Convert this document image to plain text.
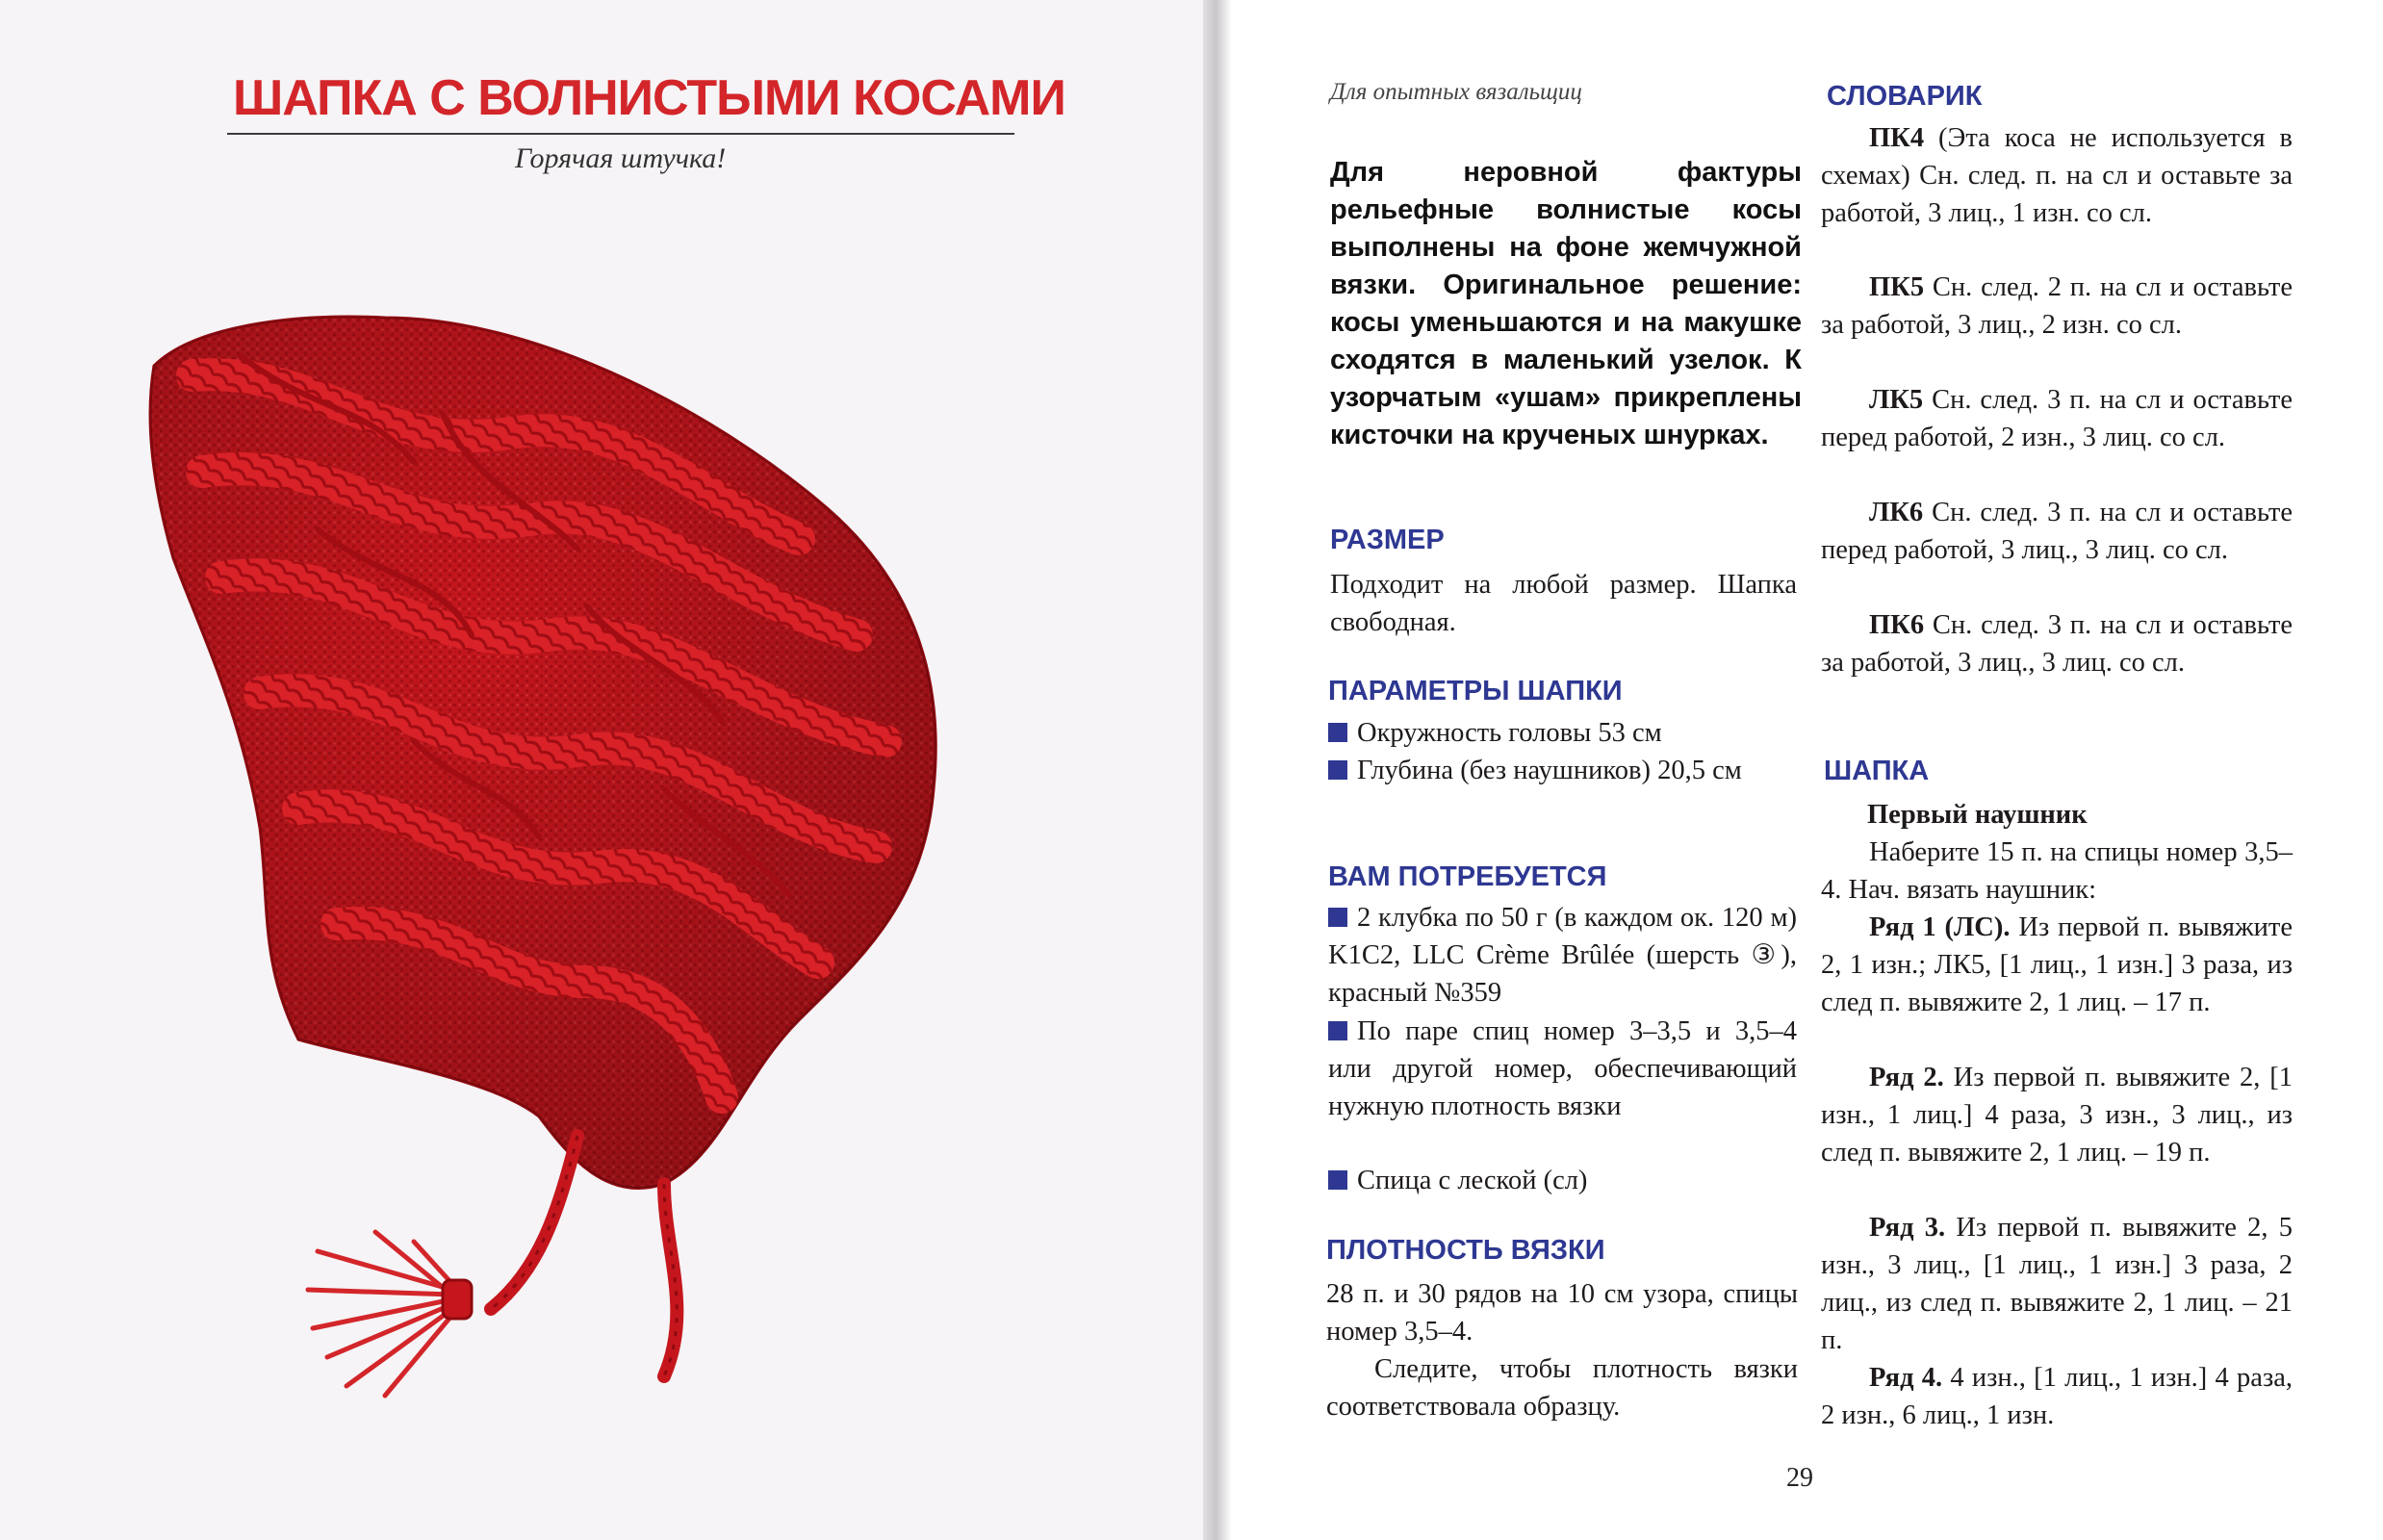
ШАПКА С ВОЛНИСТЫМИ КОСАМИ
Горячая штучка!
Для опытных вязальщиц
Для неровной фактуры рельефные волнистые косы выполнены на фоне жемчужной вязки. Оригинальное решение: косы уменьшаются и на макушке сходятся в маленький узелок. К узорчатым «ушам» прикреплены кисточки на крученых шнурках.
РАЗМЕР
Подходит на любой размер. Шапка свободная.
ПАРАМЕТРЫ ШАПКИ
Окружность головы 53 см
Глубина (без наушников) 20,5 см
ВАМ ПОТРЕБУЕТСЯ
2 клубка по 50 г (в каждом ок. 120 м) K1C2, LLC Crème Brûlée (шерсть ③), красный №359
По паре спиц номер 3–3,5 и 3,5–4 или другой номер, обеспечивающий нужную плотность вязки
Спица с леской (сл)
ПЛОТНОСТЬ ВЯЗКИ
28 п. и 30 рядов на 10 см узора, спицы номер 3,5–4.
Следите, чтобы плотность вязки соответствовала образцу.
СЛОВАРИК
ПК4 (Эта коса не используется в схемах) Сн. след. п. на сл и оставьте за работой, 3 лиц., 1 изн. со сл.
ПК5 Сн. след. 2 п. на сл и оставьте за работой, 3 лиц., 2 изн. со сл.
ЛК5 Сн. след. 3 п. на сл и оставьте перед работой, 2 изн., 3 лиц. со сл.
ЛК6 Сн. след. 3 п. на сл и оставьте перед работой, 3 лиц., 3 лиц. со сл.
ПК6 Сн. след. 3 п. на сл и оставьте за работой, 3 лиц., 3 лиц. со сл.
ШАПКА
Первый наушник
Наберите 15 п. на спицы номер 3,5–4. Нач. вязать наушник:
Ряд 1 (ЛС). Из первой п. вывяжите 2, 1 изн.; ЛК5, [1 лиц., 1 изн.] 3 раза, из след п. вывяжите 2, 1 лиц. – 17 п.
Ряд 2. Из первой п. вывяжите 2, [1 изн., 1 лиц.] 4 раза, 3 изн., 3 лиц., из след п. вывяжите 2, 1 лиц. – 19 п.
Ряд 3. Из первой п. вывяжите 2, 5 изн., 3 лиц., [1 лиц., 1 изн.] 3 раза, 2 лиц., из след п. вывяжите 2, 1 лиц. – 21 п.
Ряд 4. 4 изн., [1 лиц., 1 изн.] 4 раза, 2 изн., 6 лиц., 1 изн.
29
